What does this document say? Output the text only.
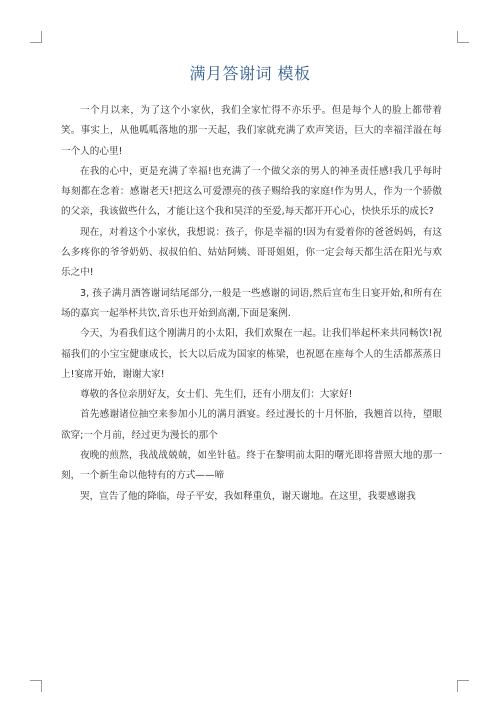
满月答谢词 模板

一个月以来，为了这个小家伙，我们全家忙得不亦乐乎。但是每个人的脸上都带着笑。事实上，从他呱呱落地的那一天起，我们家就充满了欢声笑语，巨大的幸福洋溢在每一个人的心里!

在我的心中，更是充满了幸福!也充满了一个做父亲的男人的神圣责任感!我几乎每时每刻都在念着：感谢老天!把这么可爱漂亮的孩子赐给我的家庭!作为男人，作为一个骄傲的父亲，我该做些什么，才能让这个我和昊洋的至爱,每天都开开心心，快快乐乐的成长?

现在，对着这个小家伙，我想说：孩子，你是幸福的!因为有爱着你的爸爸妈妈，有这么多疼你的爷爷奶奶、叔叔伯伯、姑姑阿姨、哥哥姐姐，你一定会每天都生活在阳光与欢乐之中!

3, 孩子满月酒答谢词结尾部分,一般是一些感谢的词语,然后宣布生日宴开始,和所有在场的嘉宾一起举杯共饮,音乐也开始到高潮,下面是案例.

今天，为看我们这个刚满月的小太阳，我们欢聚在一起。让我们举起杯来共同畅饮!祝福我们的小宝宝健康成长，长大以后成为国家的栋梁，也祝愿在座每个人的生活都蒸蒸日上!宴席开始，谢谢大家!

尊敬的各位亲朋好友，女士们、先生们，还有小朋友们：大家好!

首先感谢诸位抽空来参加小儿的满月酒宴。经过漫长的十月怀胎，我翘首以待，望眼欲穿;一个月前，经过更为漫长的那个

夜晚的煎熬，我战战兢兢，如坐针毡。终于在黎明前太阳的曙光即将普照大地的那一刻，一个新生命以他特有的方式——啼

哭，宣告了他的降临，母子平安，我如释重负，谢天谢地。在这里，我要感谢我
